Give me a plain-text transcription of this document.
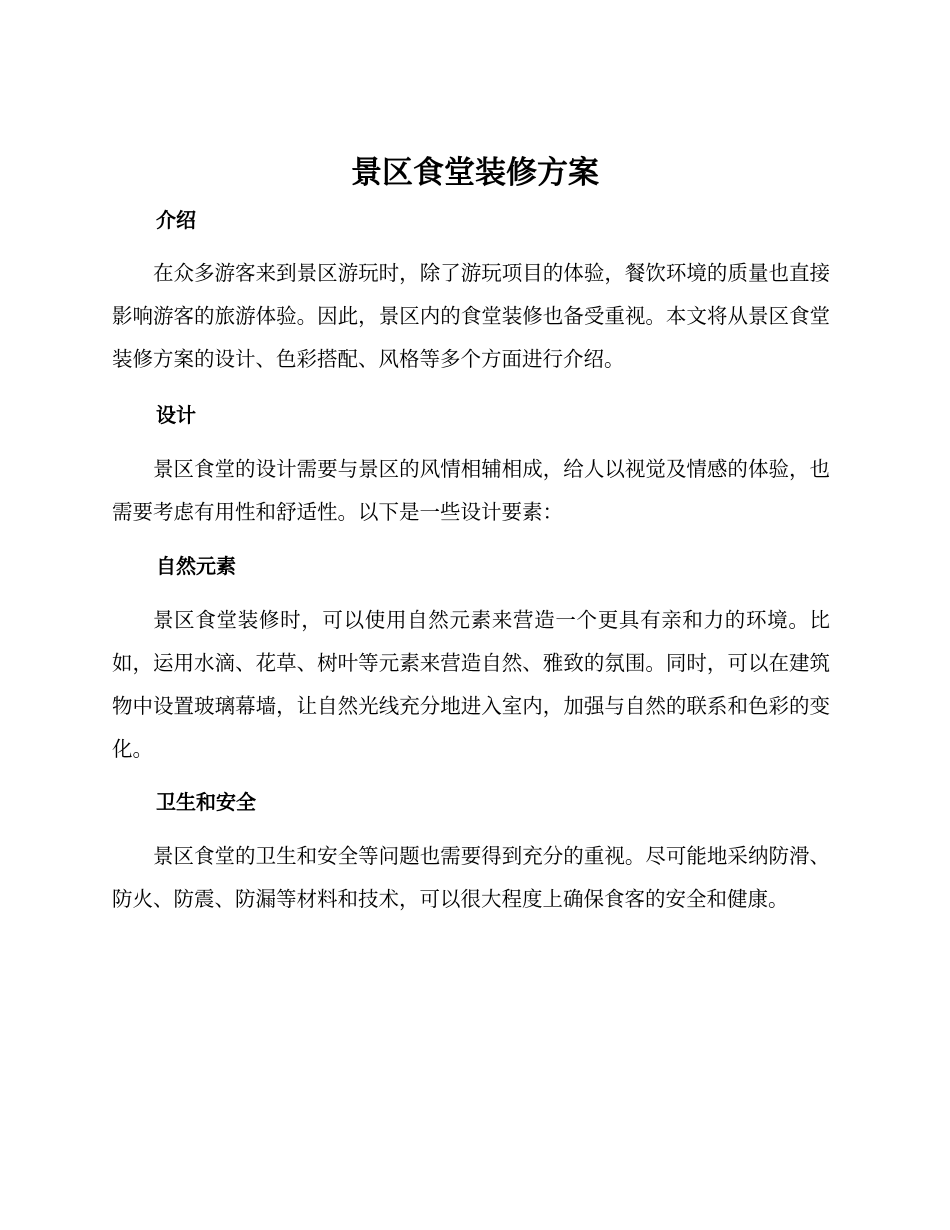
景区食堂装修方案
介绍

在众多游客来到景区游玩时，除了游玩项目的体验，餐饮环境的质量也直接影响游客的旅游体验。因此，景区内的食堂装修也备受重视。本文将从景区食堂装修方案的设计、色彩搭配、风格等多个方面进行介绍。

设计

景区食堂的设计需要与景区的风情相辅相成，给人以视觉及情感的体验，也需要考虑有用性和舒适性。以下是一些设计要素：

自然元素

景区食堂装修时，可以使用自然元素来营造一个更具有亲和力的环境。比如，运用水滴、花草、树叶等元素来营造自然、雅致的氛围。同时，可以在建筑物中设置玻璃幕墙，让自然光线充分地进入室内，加强与自然的联系和色彩的变化。

卫生和安全

景区食堂的卫生和安全等问题也需要得到充分的重视。尽可能地采纳防滑、防火、防震、防漏等材料和技术，可以很大程度上确保食客的安全和健康。
